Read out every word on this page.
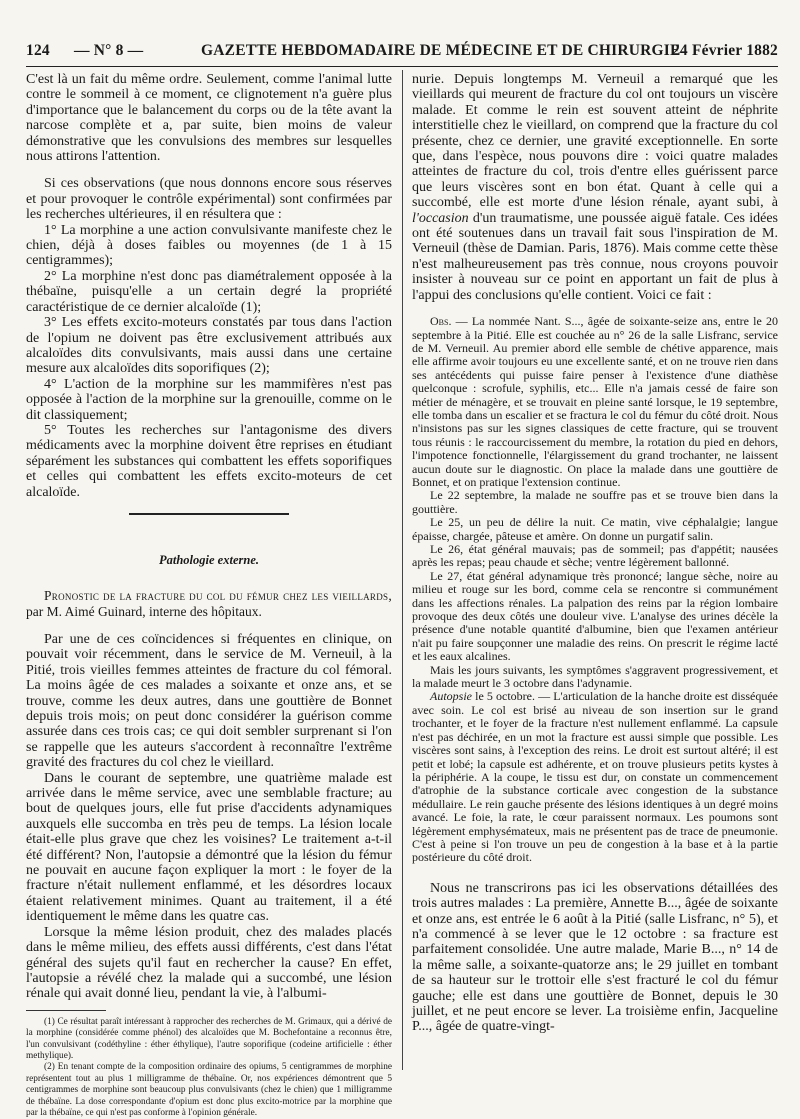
124 — N° 8 —	GAZETTE HEBDOMADAIRE DE MÉDECINE ET DE CHIRURGIE
24 Février 1882

C'est là un fait du même ordre. Seulement, comme l'animal lutte contre le sommeil à ce moment, ce clignotement n'a guère plus d'importance que le balancement du corps ou de la tête avant la narcose complète et a, par suite, bien moins de valeur démonstrative que les convulsions des membres sur lesquelles nous attirons l'attention.

Si ces observations (que nous donnons encore sous réserves et pour provoquer le contrôle expérimental) sont confirmées par les recherches ultérieures, il en résultera que :

1° La morphine a une action convulsivante manifeste chez le chien, déjà à doses faibles ou moyennes (de 1 à 15 centigrammes);

2° La morphine n'est donc pas diamétralement opposée à la thébaïne, puisqu'elle a un certain degré la propriété caractéristique de ce dernier alcaloïde (1);

3° Les effets excito-moteurs constatés par tous dans l'action de l'opium ne doivent pas être exclusivement attribués aux alcaloïdes dits convulsivants, mais aussi dans une certaine mesure aux alcaloïdes dits soporifiques (2);

4° L'action de la morphine sur les mammifères n'est pas opposée à l'action de la morphine sur la grenouille, comme on le dit classiquement;

5° Toutes les recherches sur l'antagonisme des divers médicaments avec la morphine doivent être reprises en étudiant séparément les substances qui combattent les effets soporifiques et celles qui combattent les effets excito-moteurs de cet alcaloïde.

Pathologie externe.

Pronostic de la fracture du col du fémur chez les vieillards, par M. Aimé Guinard, interne des hôpitaux.

Par une de ces coïncidences si fréquentes en clinique, on pouvait voir récemment, dans le service de M. Verneuil, à la Pitié, trois vieilles femmes atteintes de fracture du col fémoral. La moins âgée de ces malades a soixante et onze ans, et se trouve, comme les deux autres, dans une gouttière de Bonnet depuis trois mois; on peut donc considérer la guérison comme assurée dans ces trois cas; ce qui doit sembler surprenant si l'on se rappelle que les auteurs s'accordent à reconnaître l'extrême gravité des fractures du col chez le vieillard.

Dans le courant de septembre, une quatrième malade est arrivée dans le même service, avec une semblable fracture; au bout de quelques jours, elle fut prise d'accidents adynamiques auxquels elle succomba en très peu de temps. La lésion locale était-elle plus grave que chez les voisines? Le traitement a-t-il été différent? Non, l'autopsie a démontré que la lésion du fémur ne pouvait en aucune façon expliquer la mort : le foyer de la fracture n'était nullement enflammé, et les désordres locaux étaient relativement minimes. Quant au traitement, il a été identiquement le même dans les quatre cas.

Lorsque la même lésion produit, chez des malades placés dans le même milieu, des effets aussi différents, c'est dans l'état général des sujets qu'il faut en rechercher la cause? En effet, l'autopsie a révélé chez la malade qui a succombé, une lésion rénale qui avait donné lieu, pendant la vie, à l'albumi-

(1) Ce résultat paraît intéressant à rapprocher des recherches de M. Grimaux, qui a dérivé de la morphine (considérée comme phénol) des alcaloïdes que M. Bochefontaine a reconnus être, l'un convulsivant (codéthyline : éther éthylique), l'autre soporifique (codeine artificielle : éther methylique).

(2) En tenant compte de la composition ordinaire des opiums, 5 centigrammes de morphine représentent tout au plus 1 milligramme de thébaïne. Or, nos expériences démontrent que 5 centigrammes de morphine sont beaucoup plus convulsivants (chez le chien) que 1 milligramme de thébaïne. La dose correspondante d'opium est donc plus excito-motrice par la morphine que par la thébaïne, ce qui n'est pas conforme à l'opinion générale.

nurie. Depuis longtemps M. Verneuil a remarqué que les vieillards qui meurent de fracture du col ont toujours un viscère malade. Et comme le rein est souvent atteint de néphrite interstitielle chez le vieillard, on comprend que la fracture du col présente, chez ce dernier, une gravité exceptionnelle. En sorte que, dans l'espèce, nous pouvons dire : voici quatre malades atteintes de fracture du col, trois d'entre elles guérissent parce que leurs viscères sont en bon état. Quant à celle qui a succombé, elle est morte d'une lésion rénale, ayant subi, à l'occasion d'un traumatisme, une poussée aiguë fatale. Ces idées ont été soutenues dans un travail fait sous l'inspiration de M. Verneuil (thèse de Damian. Paris, 1876). Mais comme cette thèse n'est malheureusement pas très connue, nous croyons pouvoir insister à nouveau sur ce point en apportant un fait de plus à l'appui des conclusions qu'elle contient. Voici ce fait :

Obs. — La nommée Nant. S..., âgée de soixante-seize ans, entre le 20 septembre à la Pitié. Elle est couchée au n° 26 de la salle Lisfranc, service de M. Verneuil. Au premier abord elle semble de chétive apparence, mais elle affirme avoir toujours eu une excellente santé, et on ne trouve rien dans ses antécédents qui puisse faire penser à l'existence d'une diathèse quelconque : scrofule, syphilis, etc... Elle n'a jamais cessé de faire son métier de ménagère, et se trouvait en pleine santé lorsque, le 19 septembre, elle tomba dans un escalier et se fractura le col du fémur du côté droit. Nous n'insistons pas sur les signes classiques de cette fracture, qui se trouvent tous réunis : le raccourcissement du membre, la rotation du pied en dehors, l'impotence fonctionnelle, l'élargissement du grand trochanter, ne laissent aucun doute sur le diagnostic. On place la malade dans une gouttière de Bonnet, et on pratique l'extension continue.

Le 22 septembre, la malade ne souffre pas et se trouve bien dans la gouttière.

Le 25, un peu de délire la nuit. Ce matin, vive céphalalgie; langue épaisse, chargée, pâteuse et amère. On donne un purgatif salin.

Le 26, état général mauvais; pas de sommeil; pas d'appétit; nausées après les repas; peau chaude et sèche; ventre légèrement ballonné.

Le 27, état général adynamique très prononcé; langue sèche, noire au milieu et rouge sur les bord, comme cela se rencontre si communément dans les affections rénales. La palpation des reins par la région lombaire provoque des deux côtés une douleur vive. L'analyse des urines décèle la présence d'une notable quantité d'albumine, bien que l'examen antérieur n'ait pu faire soupçonner une maladie des reins. On prescrit le régime lacté et les eaux alcalines.

Mais les jours suivants, les symptômes s'aggravent progressivement, et la malade meurt le 3 octobre dans l'adynamie.

Autopsie le 5 octobre. — L'articulation de la hanche droite est disséquée avec soin. Le col est brisé au niveau de son insertion sur le grand trochanter, et le foyer de la fracture n'est nullement enflammé. La capsule n'est pas déchirée, en un mot la fracture est aussi simple que possible. Les viscères sont sains, à l'exception des reins. Le droit est surtout altéré; il est petit et lobé; la capsule est adhérente, et on trouve plusieurs petits kystes à la périphérie. A la coupe, le tissu est dur, on constate un commencement d'atrophie de la substance corticale avec congestion de la substance médullaire. Le rein gauche présente des lésions identiques à un degré moins avancé. Le foie, la rate, le cœur paraissent normaux. Les poumons sont légèrement emphysémateux, mais ne présentent pas de trace de pneumonie. C'est à peine si l'on trouve un peu de congestion à la base et à la partie postérieure du côté droit.

Nous ne transcrirons pas ici les observations détaillées des trois autres malades : La première, Annette B..., âgée de soixante et onze ans, est entrée le 6 août à la Pitié (salle Lisfranc, n° 5), et n'a commencé à se lever que le 12 octobre : sa fracture est parfaitement consolidée. Une autre malade, Marie B..., n° 14 de la même salle, a soixante-quatorze ans; le 29 juillet en tombant de sa hauteur sur le trottoir elle s'est fracturé le col du fémur gauche; elle est dans une gouttière de Bonnet, depuis le 30 juillet, et ne peut encore se lever. La troisième enfin, Jacqueline P..., âgée de quatre-vingt-
